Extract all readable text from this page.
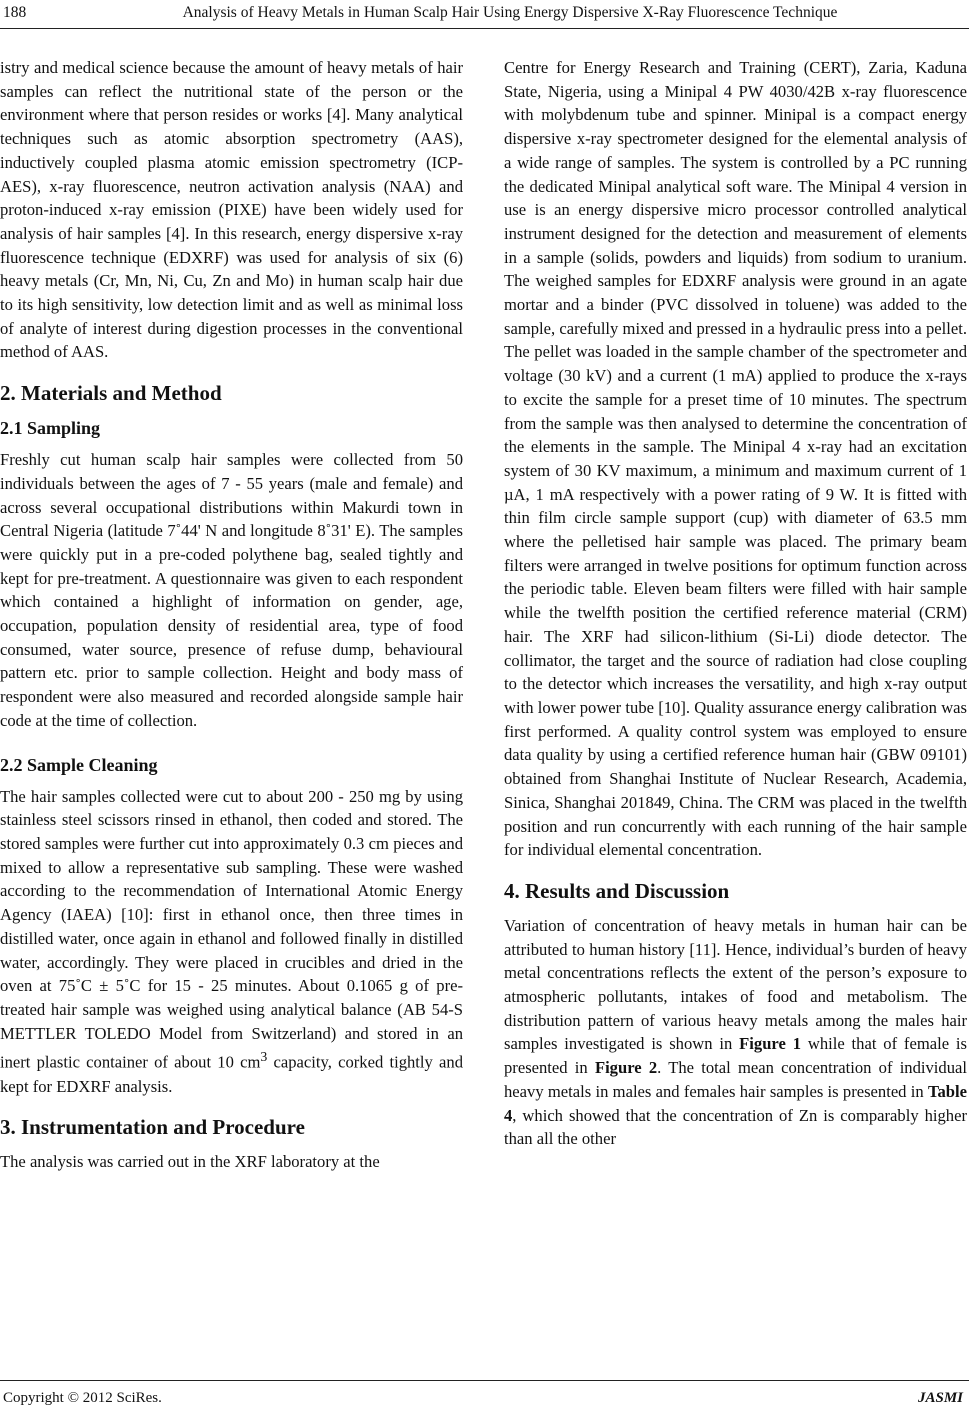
188	Analysis of Heavy Metals in Human Scalp Hair Using Energy Dispersive X-Ray Fluorescence Technique

istry and medical science because the amount of heavy metals of hair samples can reflect the nutritional state of the person or the environment where that person resides or works [4]. Many analytical techniques such as atomic absorption spectrometry (AAS), inductively coupled plasma atomic emission spectrometry (ICP-AES), x-ray fluorescence, neutron activation analysis (NAA) and proton-induced x-ray emission (PIXE) have been widely used for analysis of hair samples [4]. In this research, energy dispersive x-ray fluorescence technique (EDXRF) was used for analysis of six (6) heavy metals (Cr, Mn, Ni, Cu, Zn and Mo) in human scalp hair due to its high sensitivity, low detection limit and as well as minimal loss of analyte of interest during digestion processes in the conventional method of AAS.

2. Materials and Method
2.1 Sampling

Freshly cut human scalp hair samples were collected from 50 individuals between the ages of 7 - 55 years (male and female) and across several occupational distributions within Makurdi town in Central Nigeria (latitude 7˚44' N and longitude 8˚31' E). The samples were quickly put in a pre-coded polythene bag, sealed tightly and kept for pre-treatment. A questionnaire was given to each respondent which contained a highlight of information on gender, age, occupation, population density of residential area, type of food consumed, water source, presence of refuse dump, behavioural pattern etc. prior to sample collection. Height and body mass of respondent were also measured and recorded alongside sample hair code at the time of collection.

2.2 Sample Cleaning

The hair samples collected were cut to about 200 - 250 mg by using stainless steel scissors rinsed in ethanol, then coded and stored. The stored samples were further cut into approximately 0.3 cm pieces and mixed to allow a representative sub sampling. These were washed according to the recommendation of International Atomic Energy Agency (IAEA) [10]: first in ethanol once, then three times in distilled water, once again in ethanol and followed finally in distilled water, accordingly. They were placed in crucibles and dried in the oven at 75˚C ± 5˚C for 15 - 25 minutes. About 0.1065 g of pre-treated hair sample was weighed using analytical balance (AB 54-S METTLER TOLEDO Model from Switzerland) and stored in an inert plastic container of about 10 $cm^3$ capacity, corked tightly and kept for EDXRF analysis.

3. Instrumentation and Procedure

The analysis was carried out in the XRF laboratory at the

Centre for Energy Research and Training (CERT), Zaria, Kaduna State, Nigeria, using a Minipal 4 PW 4030/42B x-ray fluorescence with molybdenum tube and spinner. Minipal is a compact energy dispersive x-ray spectrometer designed for the elemental analysis of a wide range of samples. The system is controlled by a PC running the dedicated Minipal analytical soft ware. The Minipal 4 version in use is an energy dispersive micro processor controlled analytical instrument designed for the detection and measurement of elements in a sample (solids, powders and liquids) from sodium to uranium. The weighed samples for EDXRF analysis were ground in an agate mortar and a binder (PVC dissolved in toluene) was added to the sample, carefully mixed and pressed in a hydraulic press into a pellet. The pellet was loaded in the sample chamber of the spectrometer and voltage (30 kV) and a current (1 mA) applied to produce the x-rays to excite the sample for a preset time of 10 minutes. The spectrum from the sample was then analysed to determine the concentration of the elements in the sample. The Minipal 4 x-ray had an excitation system of 30 KV maximum, a minimum and maximum current of 1 µA, 1 mA respectively with a power rating of 9 W. It is fitted with thin film circle sample support (cup) with diameter of 63.5 mm where the pelletised hair sample was placed. The primary beam filters were arranged in twelve positions for optimum function across the periodic table. Eleven beam filters were filled with hair sample while the twelfth position the certified reference material (CRM) hair. The XRF had silicon-lithium (Si-Li) diode detector. The collimator, the target and the source of radiation had close coupling to the detector which increases the versatility, and high x-ray output with lower power tube [10]. Quality assurance energy calibration was first performed. A quality control system was employed to ensure data quality by using a certified reference human hair (GBW 09101) obtained from Shanghai Institute of Nuclear Research, Academia, Sinica, Shanghai 201849, China. The CRM was placed in the twelfth position and run concurrently with each running of the hair sample for individual elemental concentration.

4. Results and Discussion

Variation of concentration of heavy metals in human hair can be attributed to human history [11]. Hence, individual’s burden of heavy metal concentrations reflects the extent of the person’s exposure to atmospheric pollutants, intakes of food and metabolism. The distribution pattern of various heavy metals among the males hair samples investigated is shown in Figure 1 while that of female is presented in Figure 2. The total mean concentration of individual heavy metals in males and females hair samples is presented in Table 4, which showed that the concentration of Zn is comparably higher than all the other

Copyright © 2012 SciRes.	JASMI
